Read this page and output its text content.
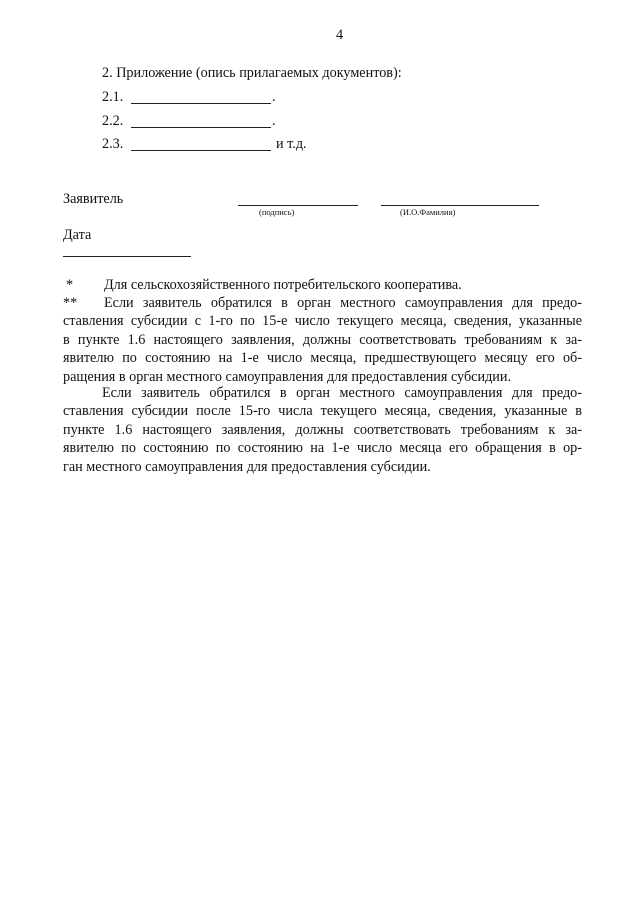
4
2. Приложение (опись прилагаемых документов):
2.1.	.
2.2.	.
2.3.	и т.д.
Заявитель
(подпись)	(И.О.Фамилия)
Дата
* Для сельскохозяйственного потребительского кооператива.
**	Если заявитель обратился в орган местного самоуправления для предо-
ставления субсидии с 1-го по 15-е число текущего месяца, сведения, указанные
в пункте 1.6 настоящего заявления, должны соответствовать требованиям к за-
явителю по состоянию на 1-е число месяца, предшествующего месяцу его об-
ращения в орган местного самоуправления для предоставления субсидии.
Если заявитель обратился в орган местного самоуправления для предо-
ставления субсидии после 15-го числа текущего месяца, сведения, указанные в
пункте 1.6 настоящего заявления, должны соответствовать требованиям к за-
явителю по состоянию по состоянию на 1-е число месяца его обращения в ор-
ган местного самоуправления для предоставления субсидии.
